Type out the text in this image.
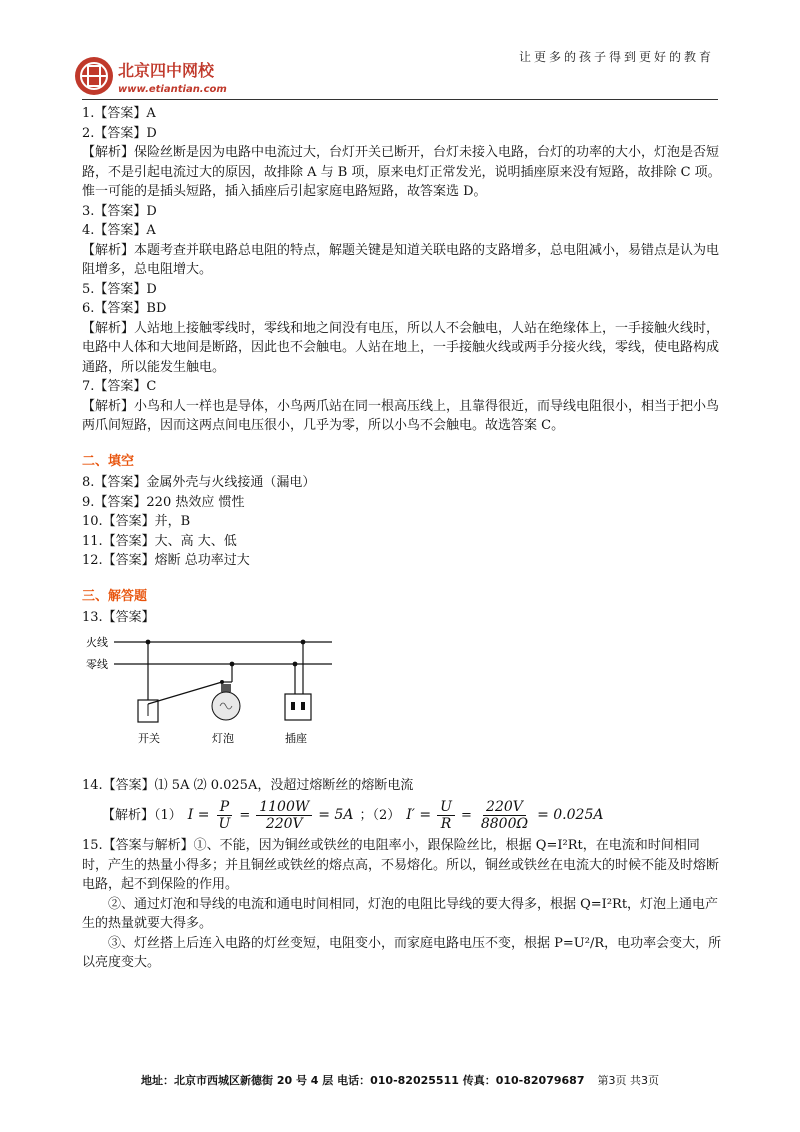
北京四中网校
www.etiantian.com
让更多的孩子得到更好的教育
1.【答案】A
2.【答案】D
【解析】保险丝断是因为电路中电流过大，台灯开关已断开，台灯未接入电路，台灯的功率的大小，灯泡是否短路，不是引起电流过大的原因，故排除 A 与 B 项，原来电灯正常发光，说明插座原来没有短路，故排除 C 项。 惟一可能的是插头短路，插入插座后引起家庭电路短路，故答案选 D。
3.【答案】D
4.【答案】A
【解析】本题考查并联电路总电阻的特点，解题关键是知道关联电路的支路增多，总电阻减小，易错点是认为电阻增多，总电阻增大。
5.【答案】D
6.【答案】BD
【解析】人站地上接触零线时，零线和地之间没有电压，所以人不会触电，人站在绝缘体上，一手接触火线时，电路中人体和大地间是断路，因此也不会触电。人站在地上，一手接触火线或两手分接火线，零线，使电路构成通路，所以能发生触电。
7.【答案】C
【解析】小鸟和人一样也是导体，小鸟两爪站在同一根高压线上，且靠得很近，而导线电阻很小，相当于把小鸟两爪间短路，因而这两点间电压很小，几乎为零，所以小鸟不会触电。故选答案 C。
二、填空
8.【答案】金属外壳与火线接通（漏电）
9.【答案】220 热效应 惯性
10.【答案】并，B
11.【答案】大、高 大、低
12.【答案】熔断 总功率过大
三、解答题
13.【答案】
火线
零线
开关	灯泡	插座
14.【答案】⑴ 5A ⑵ 0.025A，没超过熔断丝的熔断电流
【解析】（1） $I = \frac{P}{U} = \frac{1100W}{220V} = 5A$ ；（2） $I' = \frac{U}{R} = \frac{220V}{8800\Omega} = 0.025A$
15.【答案与解析】①、不能，因为铜丝或铁丝的电阻率小，跟保险丝比，根据 Q=I²Rt，在电流和时间相同时，产生的热量小得多；并且铜丝或铁丝的熔点高，不易熔化。所以，铜丝或铁丝在电流大的时候不能及时熔断电路，起不到保险的作用。
②、通过灯泡和导线的电流和通电时间相同，灯泡的电阻比导线的要大得多，根据 Q=I²Rt，灯泡上通电产生的热量就要大得多。
③、灯丝搭上后连入电路的灯丝变短，电阻变小，而家庭电路电压不变，根据 P=U²/R，电功率会变大，所以亮度变大。
地址：北京市西城区新德街 20 号 4 层 电话：010-82025511 传真：010-82079687 第3页 共3页
